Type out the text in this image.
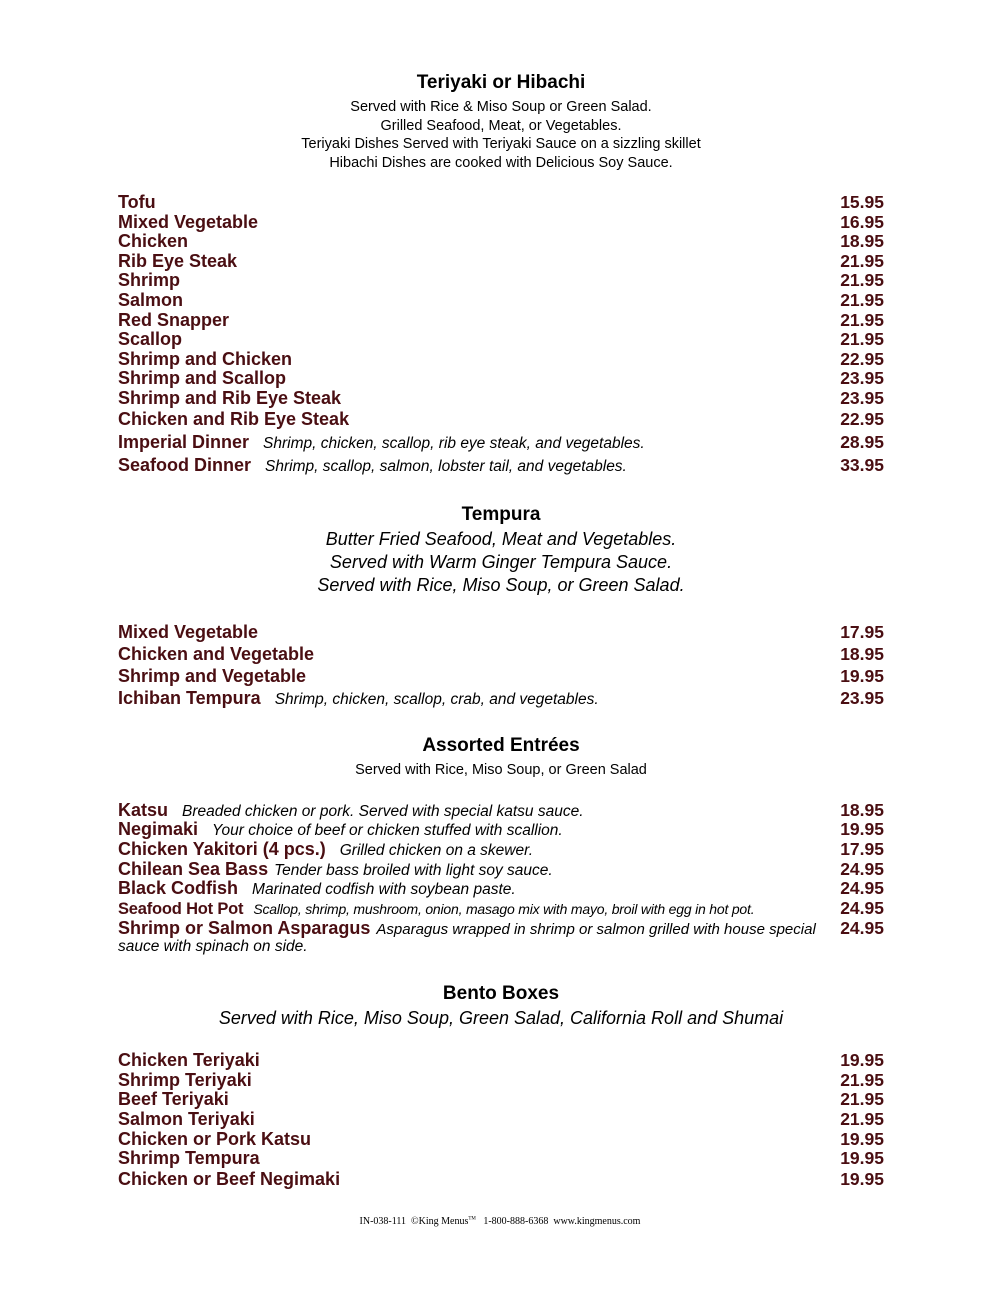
Teriyaki or Hibachi
Served with Rice & Miso Soup or Green Salad.
Grilled Seafood, Meat, or Vegetables.
Teriyaki Dishes Served with Teriyaki Sauce on a sizzling skillet
Hibachi Dishes are cooked with Delicious Soy Sauce.
Tofu	15.95
Mixed Vegetable	16.95
Chicken	18.95
Rib Eye Steak	21.95
Shrimp	21.95
Salmon	21.95
Red Snapper	21.95
Scallop	21.95
Shrimp and Chicken	22.95
Shrimp and Scallop	23.95
Shrimp and Rib Eye Steak	23.95
Chicken and Rib Eye Steak	22.95
Imperial Dinner Shrimp, chicken, scallop, rib eye steak, and vegetables.	28.95
Seafood Dinner Shrimp, scallop, salmon, lobster tail, and vegetables.	33.95
Tempura
Butter Fried Seafood, Meat and Vegetables.
Served with Warm Ginger Tempura Sauce.
Served with Rice, Miso Soup, or Green Salad.
Mixed Vegetable	17.95
Chicken and Vegetable	18.95
Shrimp and Vegetable	19.95
Ichiban Tempura Shrimp, chicken, scallop, crab, and vegetables.	23.95
Assorted Entrées
Served with Rice, Miso Soup, or Green Salad
Katsu Breaded chicken or pork. Served with special katsu sauce.	18.95
Negimaki Your choice of beef or chicken stuffed with scallion.	19.95
Chicken Yakitori (4 pcs.) Grilled chicken on a skewer.	17.95
Chilean Sea Bass Tender bass broiled with light soy sauce.	24.95
Black Codfish Marinated codfish with soybean paste.	24.95
Seafood Hot Pot Scallop, shrimp, mushroom, onion, masago mix with mayo, broil with egg in hot pot.	24.95
Shrimp or Salmon Asparagus Asparagus wrapped in shrimp or salmon grilled with house special	24.95
sauce with spinach on side.
Bento Boxes
Served with Rice, Miso Soup, Green Salad, California Roll and Shumai
Chicken Teriyaki	19.95
Shrimp Teriyaki	21.95
Beef Teriyaki	21.95
Salmon Teriyaki	21.95
Chicken or Pork Katsu	19.95
Shrimp Tempura	19.95
Chicken or Beef Negimaki	19.95
IN-038-111 ©King Menus™ 1-800-888-6368 www.kingmenus.com
